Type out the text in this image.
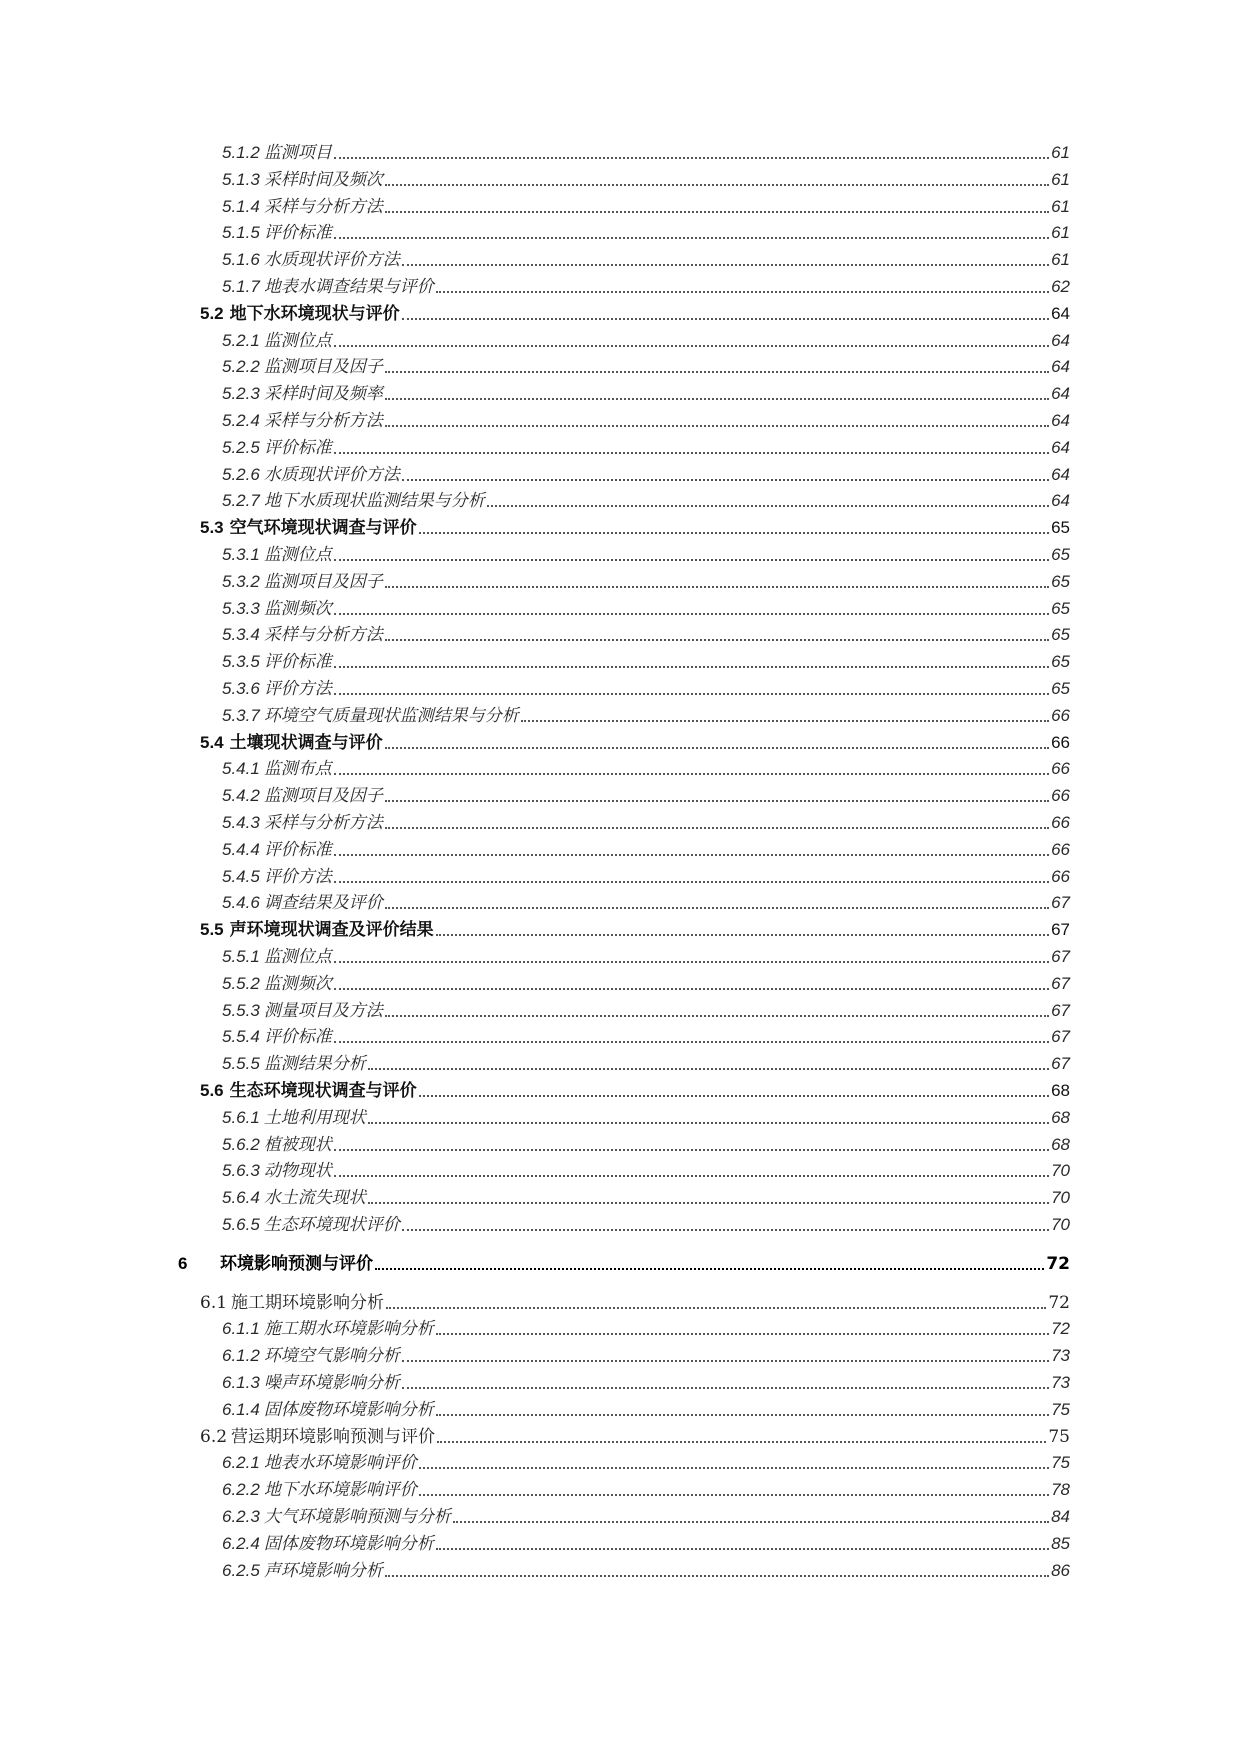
5.1.2 监测项目	61
5.1.3 采样时间及频次	61
5.1.4 采样与分析方法	61
5.1.5 评价标准	61
5.1.6 水质现状评价方法	61
5.1.7 地表水调查结果与评价	62
5.2 地下水环境现状与评价	64
5.2.1 监测位点	64
5.2.2 监测项目及因子	64
5.2.3 采样时间及频率	64
5.2.4 采样与分析方法	64
5.2.5 评价标准	64
5.2.6 水质现状评价方法	64
5.2.7 地下水质现状监测结果与分析	64
5.3 空气环境现状调查与评价	65
5.3.1 监测位点	65
5.3.2 监测项目及因子	65
5.3.3 监测频次	65
5.3.4 采样与分析方法	65
5.3.5 评价标准	65
5.3.6 评价方法	65
5.3.7 环境空气质量现状监测结果与分析	66
5.4 土壤现状调查与评价	66
5.4.1 监测布点	66
5.4.2 监测项目及因子	66
5.4.3 采样与分析方法	66
5.4.4 评价标准	66
5.4.5 评价方法	66
5.4.6 调查结果及评价	67
5.5 声环境现状调查及评价结果	67
5.5.1 监测位点	67
5.5.2 监测频次	67
5.5.3 测量项目及方法	67
5.5.4 评价标准	67
5.5.5 监测结果分析	67
5.6 生态环境现状调查与评价	68
5.6.1 土地利用现状	68
5.6.2 植被现状	68
5.6.3 动物现状	70
5.6.4 水土流失现状	70
5.6.5 生态环境现状评价	70
6	环境影响预测与评价	72
6.1 施工期环境影响分析	72
6.1.1 施工期水环境影响分析	72
6.1.2 环境空气影响分析	73
6.1.3 噪声环境影响分析	73
6.1.4 固体废物环境影响分析	75
6.2 营运期环境影响预测与评价	75
6.2.1 地表水环境影响评价	75
6.2.2 地下水环境影响评价	78
6.2.3 大气环境影响预测与分析	84
6.2.4 固体废物环境影响分析	85
6.2.5 声环境影响分析	86
